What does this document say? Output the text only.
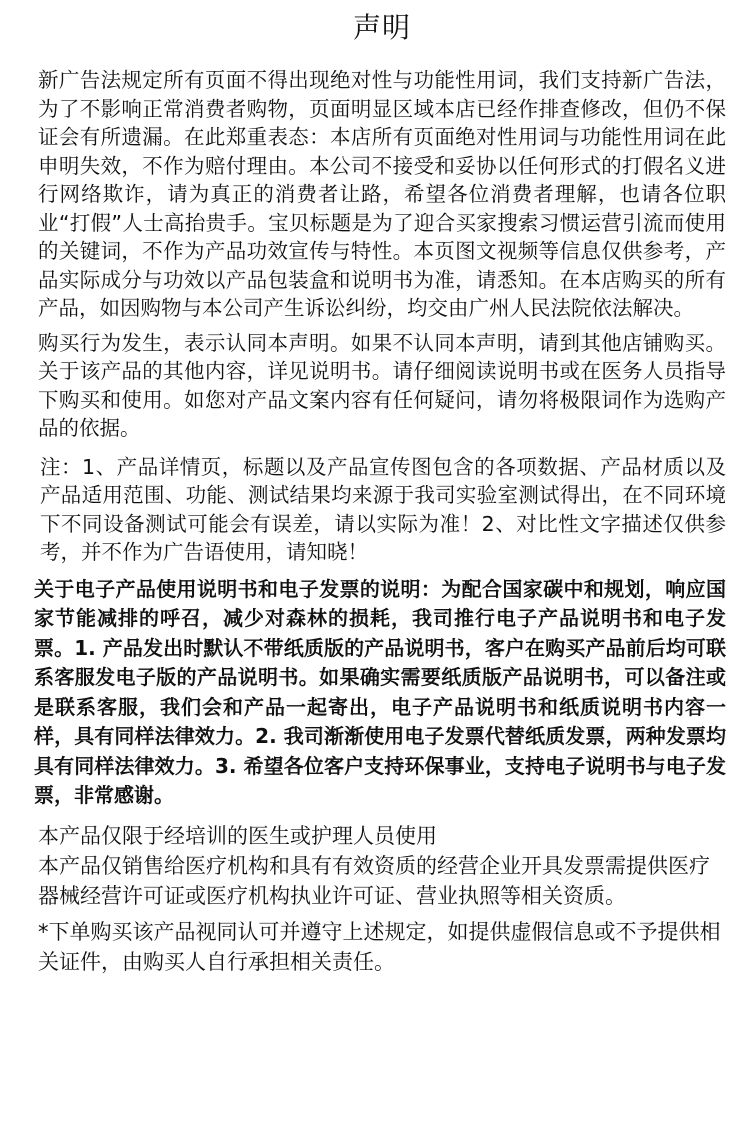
声明

新广告法规定所有页面不得出现绝对性与功能性用词，我们支持新广告法，为了不影响正常消费者购物，页面明显区域本店已经作排查修改，但仍不保证会有所遗漏。在此郑重表态：本店所有页面绝对性用词与功能性用词在此申明失效，不作为赔付理由。本公司不接受和妥协以任何形式的打假名义进行网络欺诈，请为真正的消费者让路，希望各位消费者理解，也请各位职业“打假”人士高抬贵手。宝贝标题是为了迎合买家搜索习惯运营引流而使用的关键词，不作为产品功效宣传与特性。本页图文视频等信息仅供参考，产品实际成分与功效以产品包装盒和说明书为准，请悉知。在本店购买的所有产品，如因购物与本公司产生诉讼纠纷，均交由广州人民法院依法解决。

购买行为发生，表示认同本声明。如果不认同本声明，请到其他店铺购买。关于该产品的其他内容，详见说明书。请仔细阅读说明书或在医务人员指导下购买和使用。如您对产品文案内容有任何疑问，请勿将极限词作为选购产品的依据。

注：1、产品详情页，标题以及产品宣传图包含的各项数据、产品材质以及产品适用范围、功能、测试结果均来源于我司实验室测试得出，在不同环境下不同设备测试可能会有误差，请以实际为准！2、对比性文字描述仅供参考，并不作为广告语使用，请知晓！

关于电子产品使用说明书和电子发票的说明：为配合国家碳中和规划，响应国家节能减排的呼召，减少对森林的损耗，我司推行电子产品说明书和电子发票。1. 产品发出时默认不带纸质版的产品说明书，客户在购买产品前后均可联系客服发电子版的产品说明书。如果确实需要纸质版产品说明书，可以备注或是联系客服，我们会和产品一起寄出，电子产品说明书和纸质说明书内容一样，具有同样法律效力。2. 我司渐渐使用电子发票代替纸质发票，两种发票均具有同样法律效力。3. 希望各位客户支持环保事业，支持电子说明书与电子发票，非常感谢。

本产品仅限于经培训的医生或护理人员使用

本产品仅销售给医疗机构和具有有效资质的经营企业开具发票需提供医疗器械经营许可证或医疗机构执业许可证、营业执照等相关资质。

*下单购买该产品视同认可并遵守上述规定，如提供虚假信息或不予提供相关证件，由购买人自行承担相关责任。
